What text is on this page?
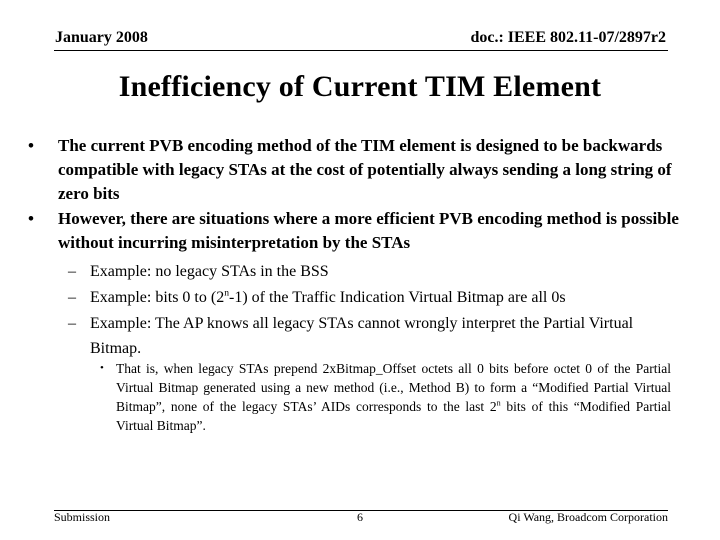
January 2008	doc.: IEEE 802.11-07/2897r2
Inefficiency of Current TIM Element
• The current PVB encoding method of the TIM element is designed to be backwards compatible with legacy STAs at the cost of potentially always sending a long string of zero bits
• However, there are situations where a more efficient PVB encoding method is possible without incurring misinterpretation by the STAs
– Example: no legacy STAs in the BSS
– Example: bits 0 to (2$^n$-1) of the Traffic Indication Virtual Bitmap are all 0s
– Example: The AP knows all legacy STAs cannot wrongly interpret the Partial Virtual Bitmap.
• That is, when legacy STAs prepend 2xBitmap_Offset octets all 0 bits before octet 0 of the Partial Virtual Bitmap generated using a new method (i.e., Method B) to form a “Modified Partial Virtual Bitmap”, none of the legacy STAs’ AIDs corresponds to the last 2$^n$ bits of this “Modified Partial Virtual Bitmap”.
Submission	6	Qi Wang, Broadcom Corporation
